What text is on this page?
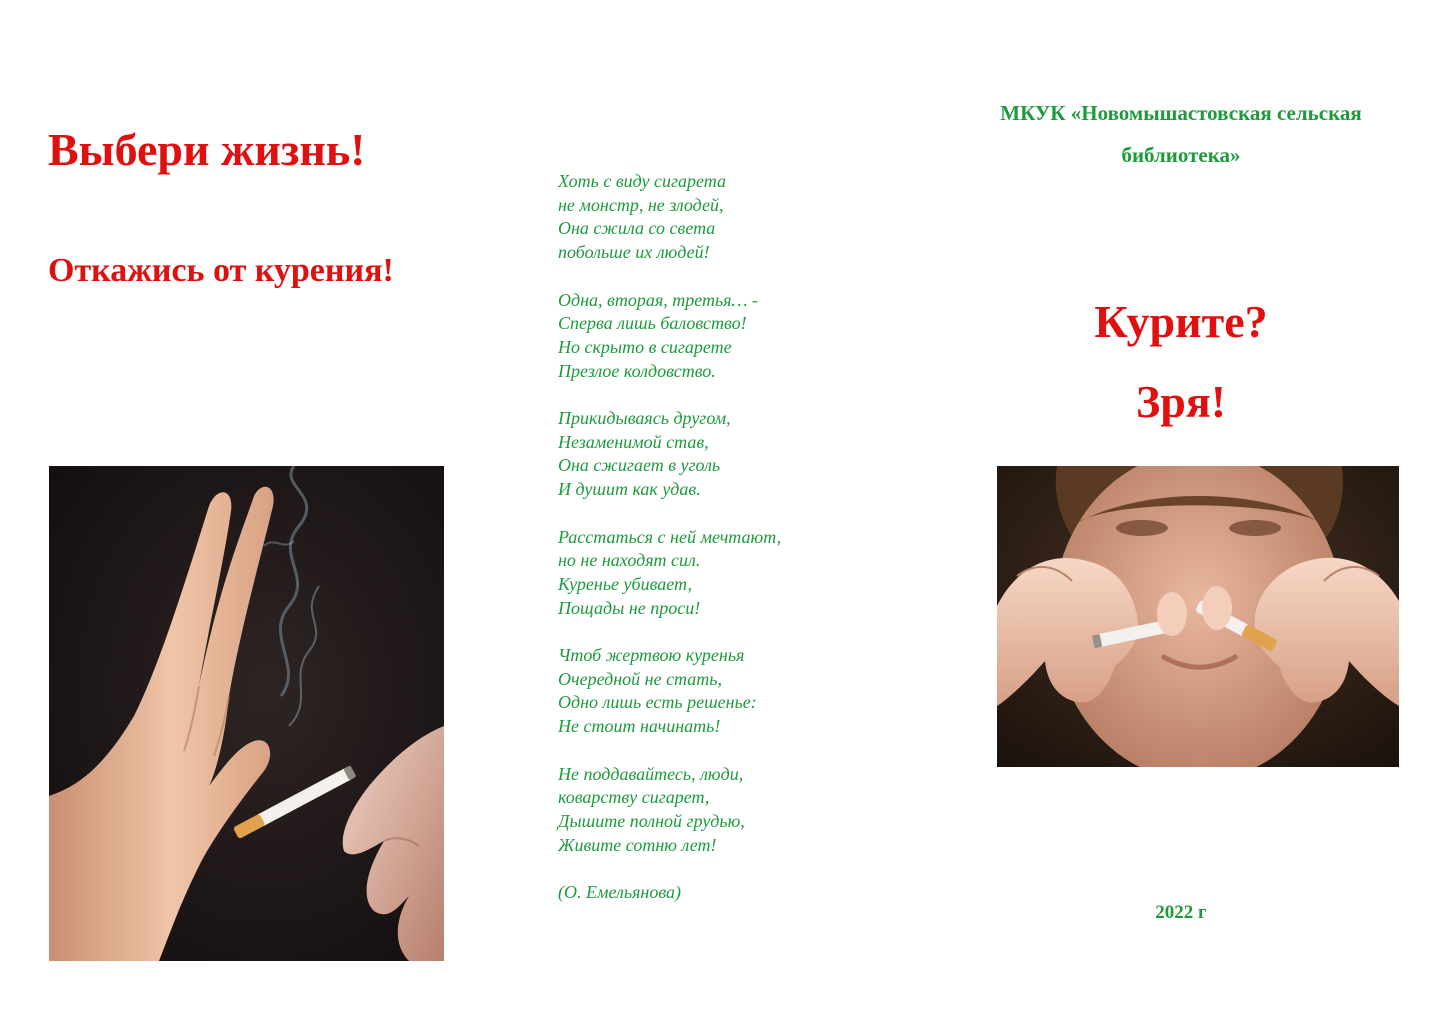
Выбери жизнь!
Откажись от курения!

Хоть с виду сигарета
не монстр, не злодей,
Она сжила со света
побольше их людей!

Одна, вторая, третья… -
Сперва лишь баловство!
Но скрыто в сигарете
Презлое колдовство.

Прикидываясь другом,
Незаменимой став,
Она сжигает в уголь
И душит как удав.

Расстаться с ней мечтают,
но не находят сил.
Куренье убивает,
Пощады не проси!

Чтоб жертвою куренья
Очередной не стать,
Одно лишь есть решенье:
Не стоит начинать!

Не поддавайтесь, люди,
коварству сигарет,
Дышите полной грудью,
Живите сотню лет!

(О. Емельянова)

МКУК «Новомышастовская сельская библиотека»

Курите?
Зря!

2022 г
